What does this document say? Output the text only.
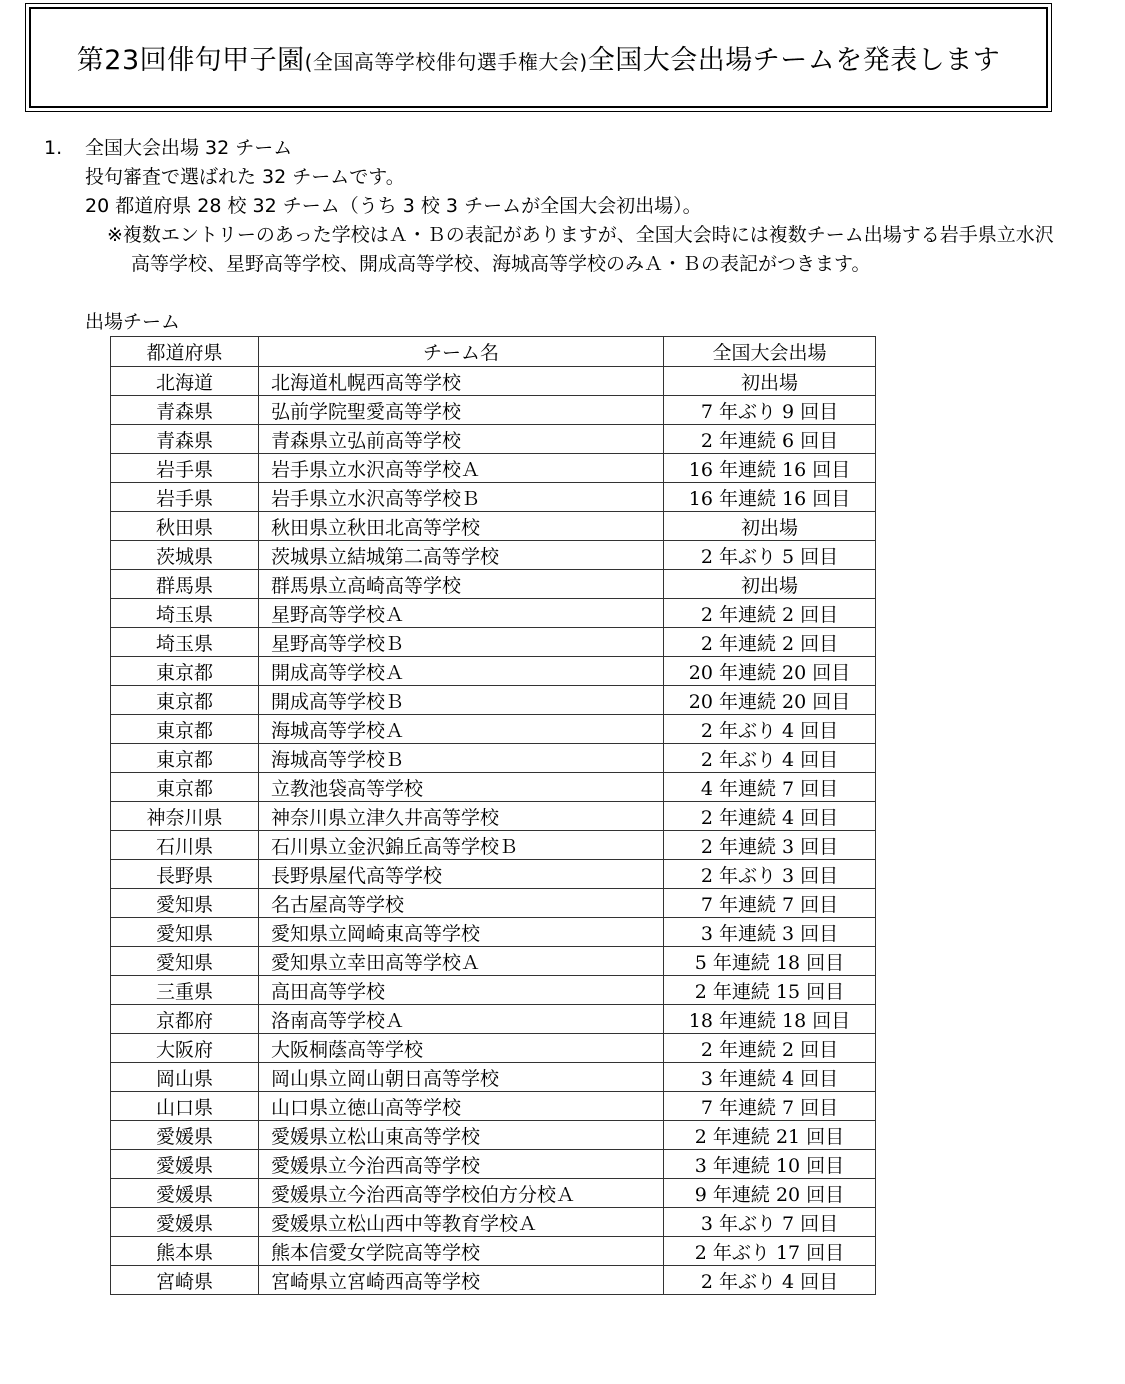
第23回俳句甲子園(全国高等学校俳句選手権大会)全国大会出場チームを発表します
1. 全国大会出場 32 チーム
投句審査で選ばれた 32 チームです。
20 都道府県 28 校 32 チーム（うち 3 校 3 チームが全国大会初出場）。
※複数エントリーのあった学校はＡ・Ｂの表記がありますが、全国大会時には複数チーム出場する岩手県立水沢高等学校、星野高等学校、開成高等学校、海城高等学校のみＡ・Ｂの表記がつきます。
出場チーム
都道府県	チーム名	全国大会出場
北海道	北海道札幌西高等学校	初出場
青森県	弘前学院聖愛高等学校	7 年ぶり 9 回目
青森県	青森県立弘前高等学校	2 年連続 6 回目
岩手県	岩手県立水沢高等学校Ａ	16 年連続 16 回目
岩手県	岩手県立水沢高等学校Ｂ	16 年連続 16 回目
秋田県	秋田県立秋田北高等学校	初出場
茨城県	茨城県立結城第二高等学校	2 年ぶり 5 回目
群馬県	群馬県立高崎高等学校	初出場
埼玉県	星野高等学校Ａ	2 年連続 2 回目
埼玉県	星野高等学校Ｂ	2 年連続 2 回目
東京都	開成高等学校Ａ	20 年連続 20 回目
東京都	開成高等学校Ｂ	20 年連続 20 回目
東京都	海城高等学校Ａ	2 年ぶり 4 回目
東京都	海城高等学校Ｂ	2 年ぶり 4 回目
東京都	立教池袋高等学校	4 年連続 7 回目
神奈川県	神奈川県立津久井高等学校	2 年連続 4 回目
石川県	石川県立金沢錦丘高等学校Ｂ	2 年連続 3 回目
長野県	長野県屋代高等学校	2 年ぶり 3 回目
愛知県	名古屋高等学校	7 年連続 7 回目
愛知県	愛知県立岡崎東高等学校	3 年連続 3 回目
愛知県	愛知県立幸田高等学校Ａ	5 年連続 18 回目
三重県	高田高等学校	2 年連続 15 回目
京都府	洛南高等学校Ａ	18 年連続 18 回目
大阪府	大阪桐蔭高等学校	2 年連続 2 回目
岡山県	岡山県立岡山朝日高等学校	3 年連続 4 回目
山口県	山口県立徳山高等学校	7 年連続 7 回目
愛媛県	愛媛県立松山東高等学校	2 年連続 21 回目
愛媛県	愛媛県立今治西高等学校	3 年連続 10 回目
愛媛県	愛媛県立今治西高等学校伯方分校Ａ	9 年連続 20 回目
愛媛県	愛媛県立松山西中等教育学校Ａ	3 年ぶり 7 回目
熊本県	熊本信愛女学院高等学校	2 年ぶり 17 回目
宮崎県	宮崎県立宮崎西高等学校	2 年ぶり 4 回目
